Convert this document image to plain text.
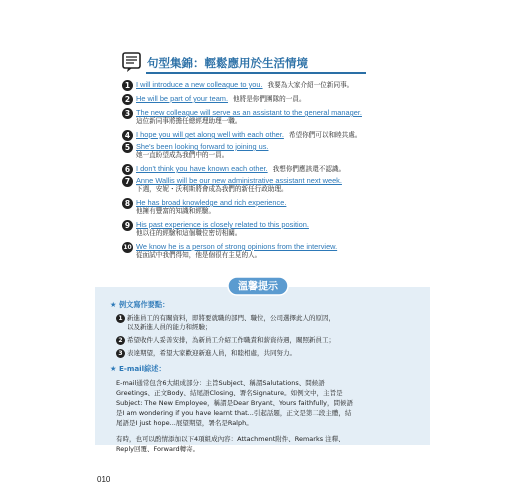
句型集錦：輕鬆應用於生活情境
1 I will introduce a new colleague to you. 我要為大家介紹一位新同事。
2 He will be part of your team. 他將是你們團隊的一員。
3 The new colleague will serve as an assistant to the general manager.
這位新同事將擔任總經理助理一職。
4 I hope you will get along well with each other. 希望你們可以和睦共處。
5 She's been looking forward to joining us.
她一直盼望成為我們中的一員。
6 I don't think you have known each other. 我想你們應該還不認識。
7 Anne Wallis will be our new administrative assistant next week.
下週，安妮・沃利斯將會成為我們的新任行政助理。
8 He has broad knowledge and rich experience.
他擁有豐富的知識和經驗。
9 His past experience is closely related to this position.
他以往的經驗和這個職位密切相關。
10 We know he is a person of strong opinions from the interview.
從面試中我們得知，他是個很有主見的人。
溫馨提示
★ 例文寫作要點：
1 新進員工的有關資料，即將要就職的部門、職位，公司選擇此人的原因，
以及新進人員的能力和經驗；
2 希望收件人妥善安排，為新員工介紹工作職責和薪資待遇，關照新員工；
3 表達期望，希望大家歡迎新進人員，和睦相處，共同努力。
★ E-mail綜述：
E-mail通常包含6大組成部分：主旨Subject、稱謂Salutations、問候語
Greetings、正文Body、結尾語Closing、署名Signature。如例文中，主旨是
Subject: The New Employee，稱謂是Dear Bryant、Yours faithfully，問候語
是I am wondering if you have learnt that...引起話題，正文是第二段主體，結
尾語是I just hope...展望期望，署名是Ralph。
有時，也可以酌情添加以下4項組成內容：Attachment附件、Remarks 注釋、
Reply回覆、Forward轉寄。
010
